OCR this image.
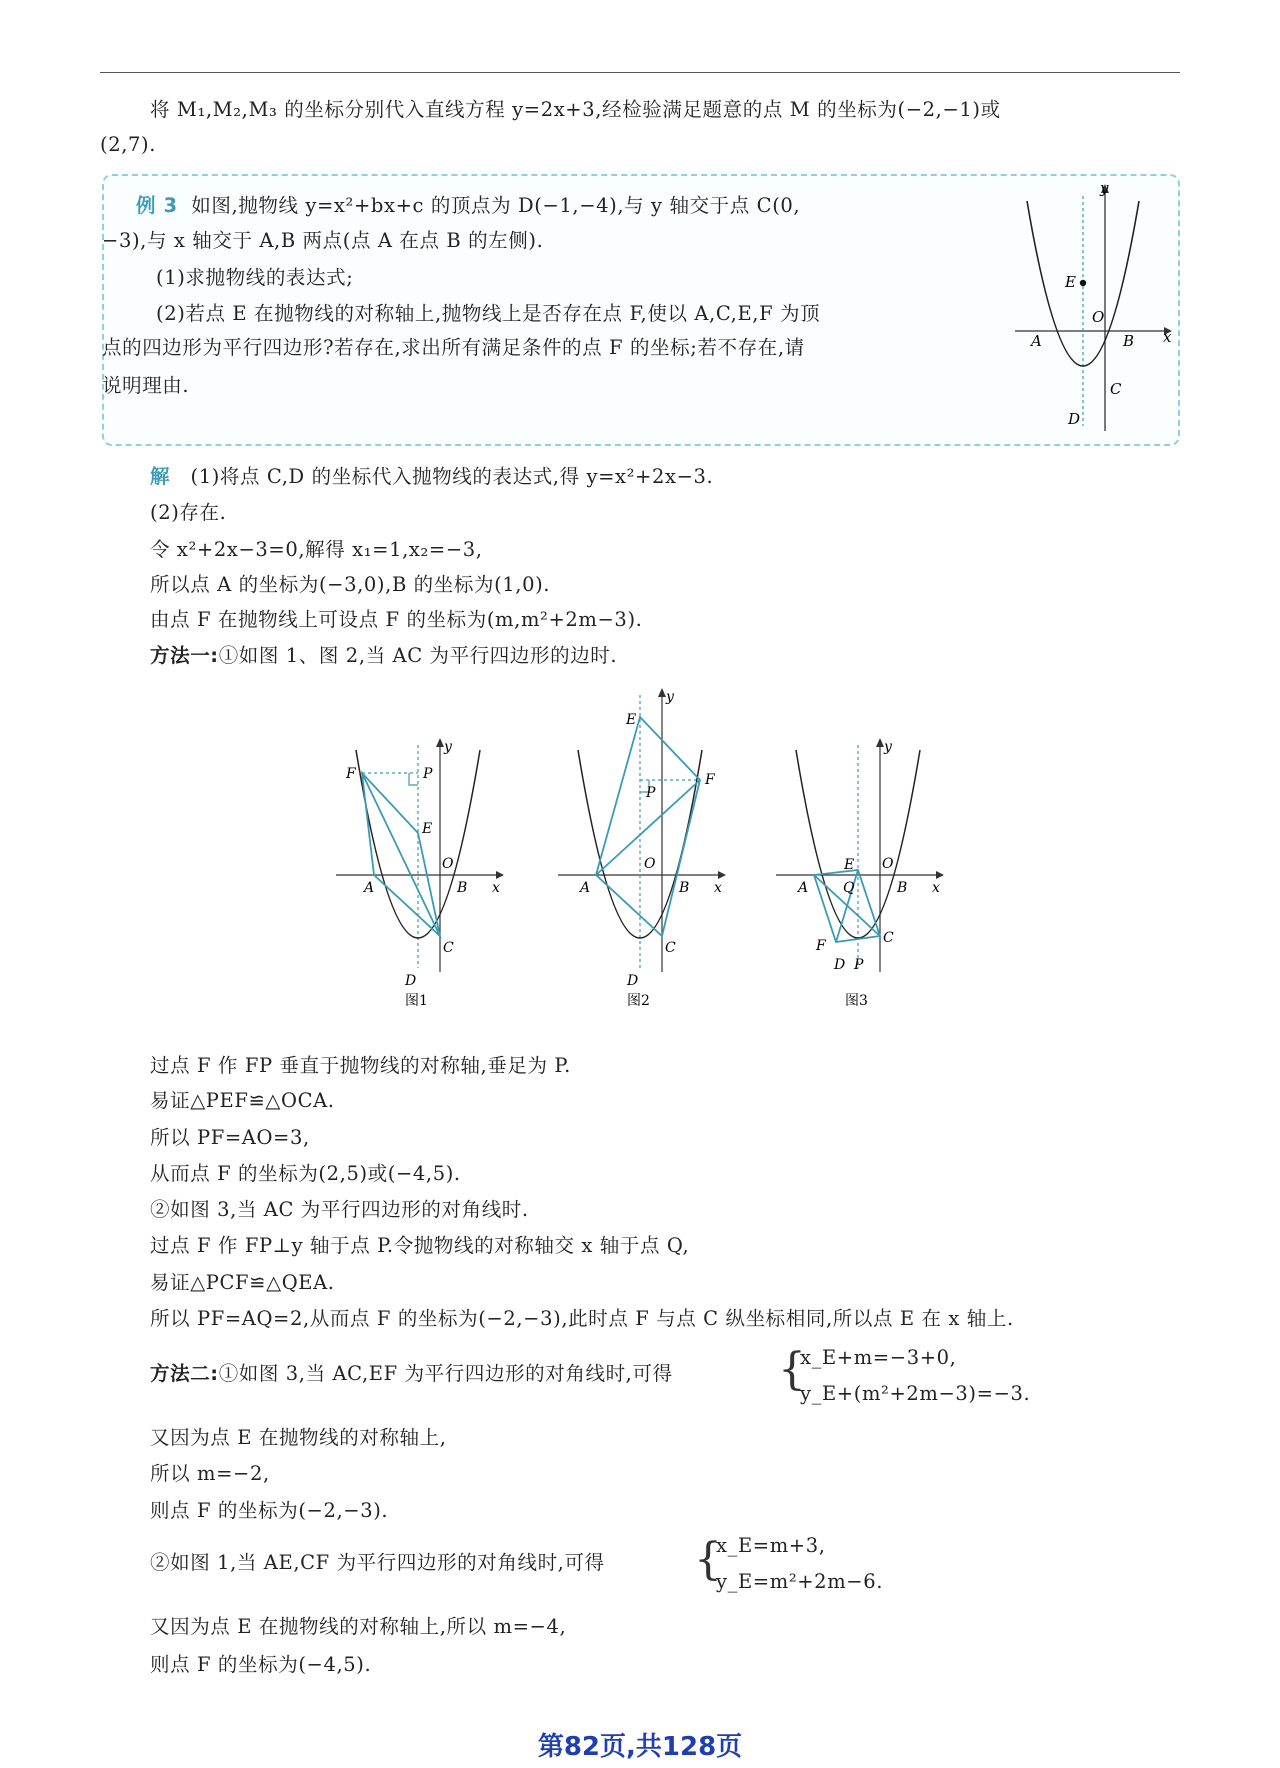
将 M₁,M₂,M₃ 的坐标分别代入直线方程 y=2x+3,经检验满足题意的点 M 的坐标为(−2,−1)或
(2,7).
例 3 如图,抛物线 y=x²+bx+c 的顶点为 D(−1,−4),与 y 轴交于点 C(0,
−3),与 x 轴交于 A,B 两点(点 A 在点 B 的左侧).
(1)求抛物线的表达式;
(2)若点 E 在抛物线的对称轴上,抛物线上是否存在点 F,使以 A,C,E,F 为顶
点的四边形为平行四边形?若存在,求出所有满足条件的点 F 的坐标;若不存在,请
说明理由.
y
x
E
O
A	B
C
D
解 (1)将点 C,D 的坐标代入抛物线的表达式,得 y=x²+2x−3.
(2)存在.
令 x²+2x−3=0,解得 x₁=1,x₂=−3,
所以点 A 的坐标为(−3,0),B 的坐标为(1,0).
由点 F 在抛物线上可设点 F 的坐标为(m,m²+2m−3).
方法一:①如图 1、图 2,当 AC 为平行四边形的边时.
y
x
F	P
E
O
A	B
C
D
图1
y
x
E
F
P
O
A	B
C
D
图2
y
x
E O
A Q	B
C
F
D P
图3
过点 F 作 FP 垂直于抛物线的对称轴,垂足为 P.
易证△PEF≌△OCA.
所以 PF=AO=3,
从而点 F 的坐标为(2,5)或(−4,5).
②如图 3,当 AC 为平行四边形的对角线时.
过点 F 作 FP⊥y 轴于点 P.令抛物线的对称轴交 x 轴于点 Q,
易证△PCF≌△QEA.
所以 PF=AQ=2,从而点 F 的坐标为(−2,−3),此时点 F 与点 C 纵坐标相同,所以点 E 在 x 轴上.
方法二:①如图 3,当 AC,EF 为平行四边形的对角线时,可得 {
x_E+m=−3+0,
y_E+(m²+2m−3)=−3.
又因为点 E 在抛物线的对称轴上,
所以 m=−2,
则点 F 的坐标为(−2,−3).
②如图 1,当 AE,CF 为平行四边形的对角线时,可得 {
x_E=m+3,
y_E=m²+2m−6.
又因为点 E 在抛物线的对称轴上,所以 m=−4,
则点 F 的坐标为(−4,5).
第82页,共128页
